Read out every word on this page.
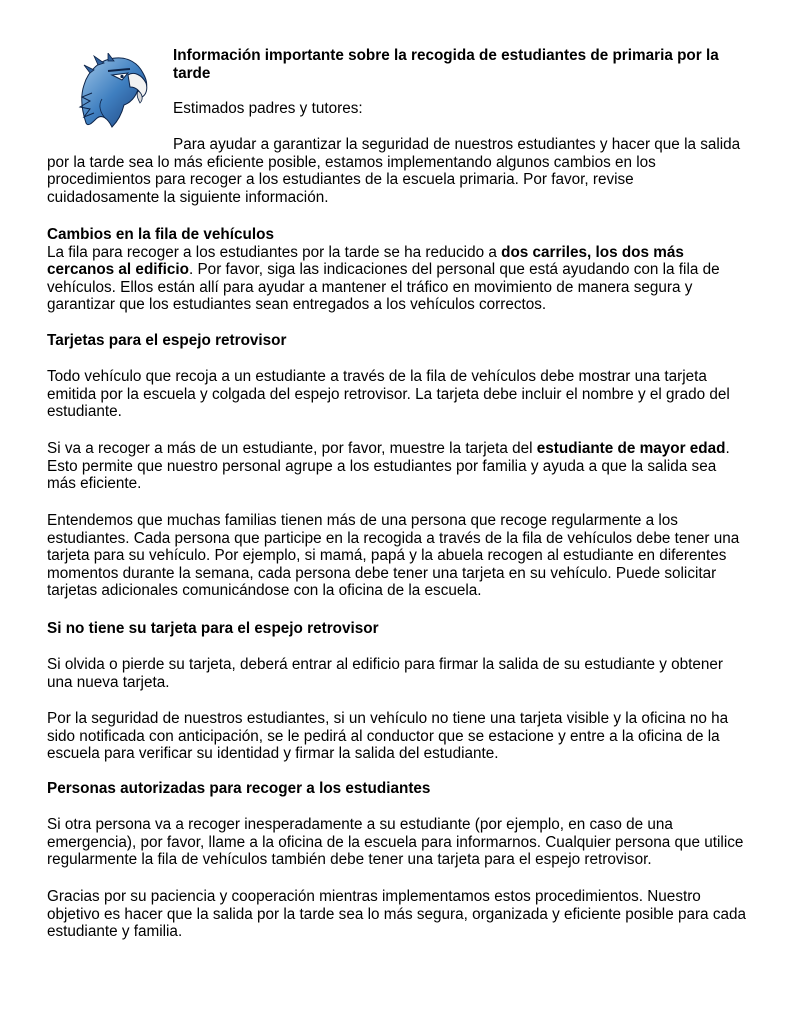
Información importante sobre la recogida de estudiantes de primaria por la tarde
Estimados padres y tutores:

Para ayudar a garantizar la seguridad de nuestros estudiantes y hacer que la salida por la tarde sea lo más eficiente posible, estamos implementando algunos cambios en los procedimientos para recoger a los estudiantes de la escuela primaria. Por favor, revise cuidadosamente la siguiente información.

Cambios en la fila de vehículos
La fila para recoger a los estudiantes por la tarde se ha reducido a dos carriles, los dos más cercanos al edificio. Por favor, siga las indicaciones del personal que está ayudando con la fila de vehículos. Ellos están allí para ayudar a mantener el tráfico en movimiento de manera segura y garantizar que los estudiantes sean entregados a los vehículos correctos.
Tarjetas para el espejo retrovisor

Todo vehículo que recoja a un estudiante a través de la fila de vehículos debe mostrar una tarjeta emitida por la escuela y colgada del espejo retrovisor. La tarjeta debe incluir el nombre y el grado del estudiante.

Si va a recoger a más de un estudiante, por favor, muestre la tarjeta del estudiante de mayor edad. Esto permite que nuestro personal agrupe a los estudiantes por familia y ayuda a que la salida sea más eficiente.

Entendemos que muchas familias tienen más de una persona que recoge regularmente a los estudiantes. Cada persona que participe en la recogida a través de la fila de vehículos debe tener una tarjeta para su vehículo. Por ejemplo, si mamá, papá y la abuela recogen al estudiante en diferentes momentos durante la semana, cada persona debe tener una tarjeta en su vehículo. Puede solicitar tarjetas adicionales comunicándose con la oficina de la escuela.

Si no tiene su tarjeta para el espejo retrovisor

Si olvida o pierde su tarjeta, deberá entrar al edificio para firmar la salida de su estudiante y obtener una nueva tarjeta.

Por la seguridad de nuestros estudiantes, si un vehículo no tiene una tarjeta visible y la oficina no ha sido notificada con anticipación, se le pedirá al conductor que se estacione y entre a la oficina de la escuela para verificar su identidad y firmar la salida del estudiante.

Personas autorizadas para recoger a los estudiantes

Si otra persona va a recoger inesperadamente a su estudiante (por ejemplo, en caso de una emergencia), por favor, llame a la oficina de la escuela para informarnos. Cualquier persona que utilice regularmente la fila de vehículos también debe tener una tarjeta para el espejo retrovisor.

Gracias por su paciencia y cooperación mientras implementamos estos procedimientos. Nuestro objetivo es hacer que la salida por la tarde sea lo más segura, organizada y eficiente posible para cada estudiante y familia.
